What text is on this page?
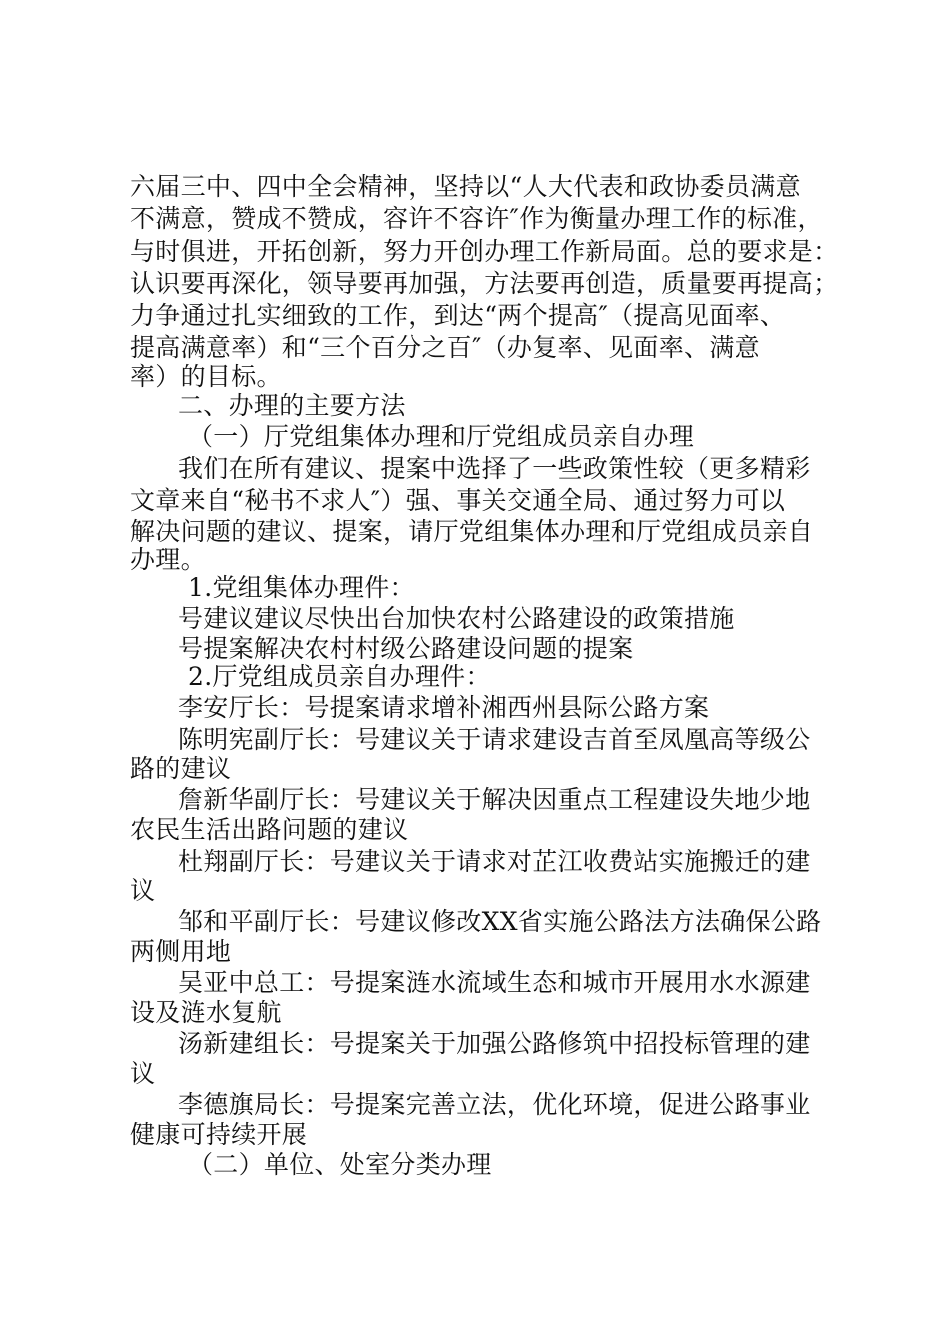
六届三中、四中全会精神，坚持以“人大代表和政协委员满意
不满意，赞成不赞成，容许不容许″作为衡量办理工作的标准，
与时俱进，开拓创新，努力开创办理工作新局面。总的要求是：
认识要再深化，领导要再加强，方法要再创造，质量要再提高；
力争通过扎实细致的工作，到达“两个提高″（提高见面率、
提高满意率）和“三个百分之百″（办复率、见面率、满意
率）的目标。
二、办理的主要方法
（一）厅党组集体办理和厅党组成员亲自办理
我们在所有建议、提案中选择了一些政策性较（更多精彩
文章来自“秘书不求人″）强、事关交通全局、通过努力可以
解决问题的建议、提案，请厅党组集体办理和厅党组成员亲自
办理。
1.党组集体办理件：
号建议建议尽快出台加快农村公路建设的政策措施
号提案解决农村村级公路建设问题的提案
2.厅党组成员亲自办理件：
李安厅长：号提案请求增补湘西州县际公路方案
陈明宪副厅长：号建议关于请求建设吉首至凤凰高等级公
路的建议
詹新华副厅长：号建议关于解决因重点工程建设失地少地
农民生活出路问题的建议
杜翔副厅长：号建议关于请求对芷江收费站实施搬迁的建
议
邹和平副厅长：号建议修改XX省实施公路法方法确保公路
两侧用地
吴亚中总工：号提案涟水流域生态和城市开展用水水源建
设及涟水复航
汤新建组长：号提案关于加强公路修筑中招投标管理的建
议
李德旗局长：号提案完善立法，优化环境，促进公路事业
健康可持续开展
（二）单位、处室分类办理
